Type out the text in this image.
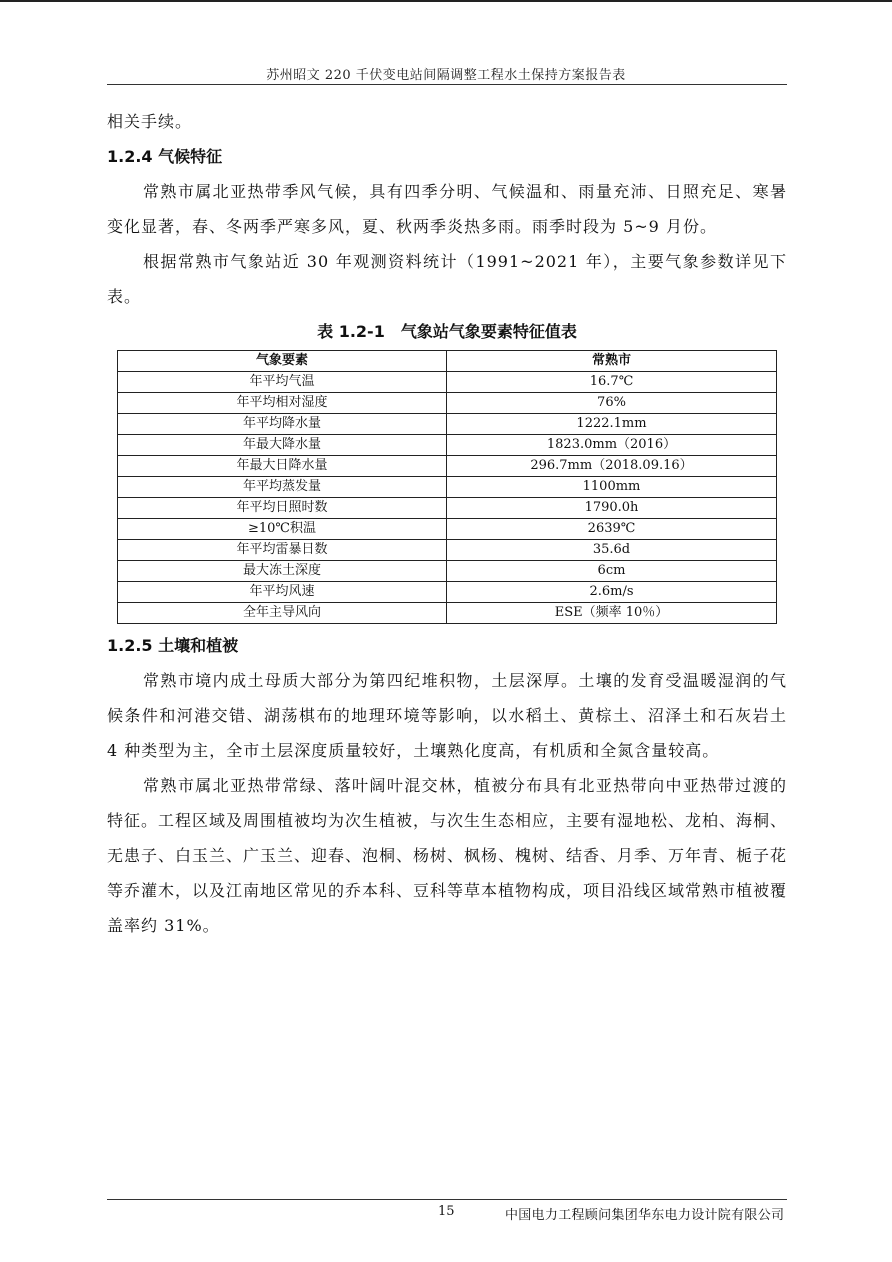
苏州昭文 220 千伏变电站间隔调整工程水土保持方案报告表

相关手续。

1.2.4 气候特征

常熟市属北亚热带季风气候，具有四季分明、气候温和、雨量充沛、日照充足、寒暑变化显著，春、冬两季严寒多风，夏、秋两季炎热多雨。雨季时段为 5~9 月份。

根据常熟市气象站近 30 年观测资料统计（1991~2021 年），主要气象参数详见下表。

表 1.2-1　气象站气象要素特征值表

气象要素	常熟市
年平均气温	16.7℃
年平均相对湿度	76%
年平均降水量	1222.1mm
年最大降水量	1823.0mm（2016）
年最大日降水量	296.7mm（2018.09.16）
年平均蒸发量	1100mm
年平均日照时数	1790.0h
≥10℃积温	2639℃
年平均雷暴日数	35.6d
最大冻土深度	6cm
年平均风速	2.6m/s
全年主导风向	ESE（频率 10％）

1.2.5 土壤和植被

常熟市境内成土母质大部分为第四纪堆积物，土层深厚。土壤的发育受温暖湿润的气候条件和河港交错、湖荡棋布的地理环境等影响，以水稻土、黄棕土、沼泽土和石灰岩土 4 种类型为主，全市土层深度质量较好，土壤熟化度高，有机质和全氮含量较高。

常熟市属北亚热带常绿、落叶阔叶混交林，植被分布具有北亚热带向中亚热带过渡的特征。工程区域及周围植被均为次生植被，与次生生态相应，主要有湿地松、龙柏、海桐、无患子、白玉兰、广玉兰、迎春、泡桐、杨树、枫杨、槐树、结香、月季、万年青、栀子花等乔灌木，以及江南地区常见的乔本科、豆科等草本植物构成，项目沿线区域常熟市植被覆盖率约 31%。

15	中国电力工程顾问集团华东电力设计院有限公司
